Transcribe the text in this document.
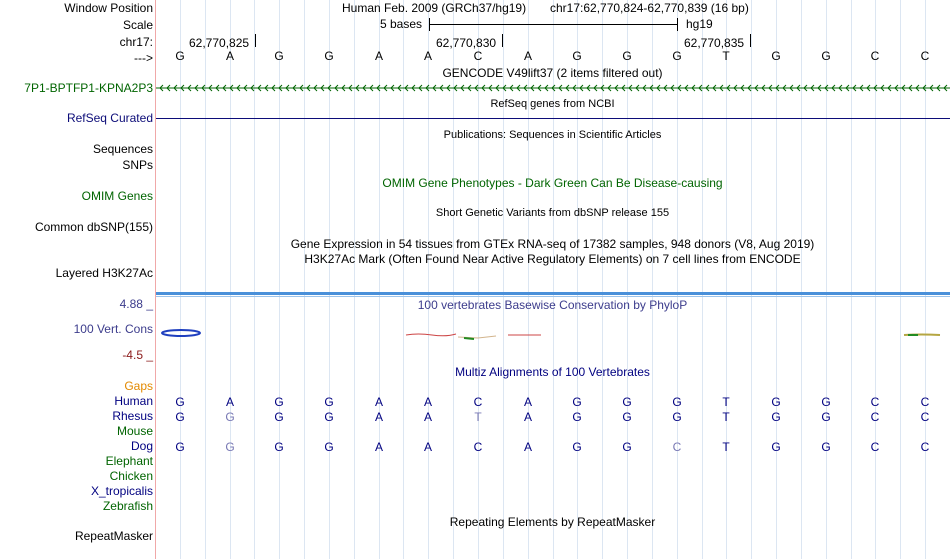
Window Position	Human Feb. 2009 (GRCh37/hg19) chr17:62,770,824-62,770,839 (16 bp)
Scale	5 bases	hg19
chr17:	62,770,825	62,770,830	62,770,835
---> G	A	G	G	A	A	C	A	G	G	G	T	G	G	C	C
GENCODE V49lift37 (2 items filtered out)
7P1-BPTFP1-KPNA2P3
RefSeq genes from NCBI
RefSeq Curated
Publications: Sequences in Scientific Articles
Sequences
SNPs
OMIM Gene Phenotypes - Dark Green Can Be Disease-causing
OMIM Genes
Short Genetic Variants from dbSNP release 155
Common dbSNP(155)
Gene Expression in 54 tissues from GTEx RNA-seq of 17382 samples, 948 donors (V8, Aug 2019)
H3K27Ac Mark (Often Found Near Active Regulatory Elements) on 7 cell lines from ENCODE
Layered H3K27Ac
4.88 _	100 vertebrates Basewise Conservation by PhyloP
100 Vert. Cons
-4.5 _
Multiz Alignments of 100 Vertebrates
Gaps
Human G	A	G	G	A	A	C	A	G	G	G	T	G	G	C	C
Rhesus G	G	G	G	A	A	T	A	G	G	G	T	G	G	C	C
Mouse
Dog G	G	G	G	A	A	C	A	G	G	C	T	G	G	C	C
Elephant
Chicken
X_tropicalis
Zebrafish
Repeating Elements by RepeatMasker
RepeatMasker
